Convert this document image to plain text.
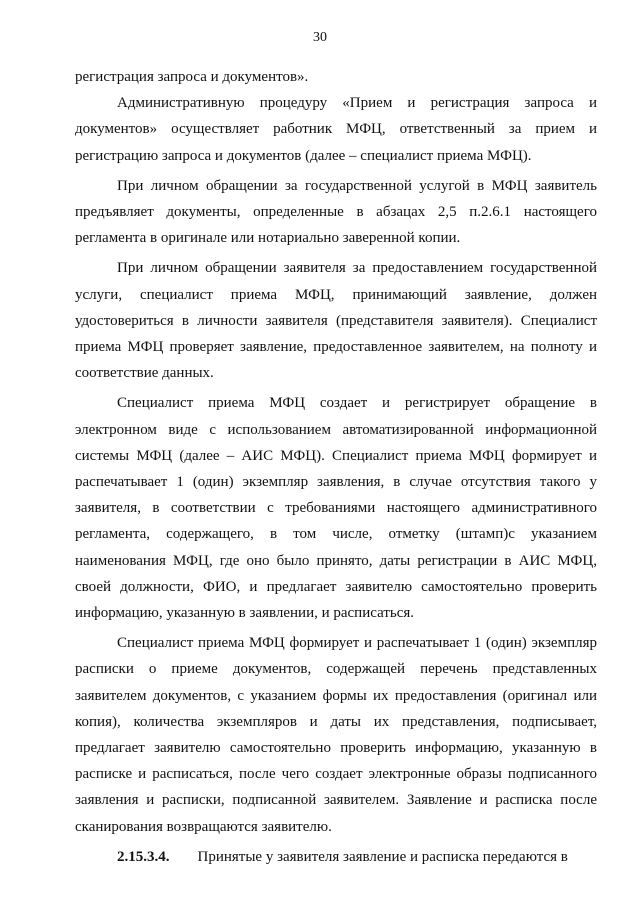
30

регистрация запроса и документов».

Административную процедуру «Прием и регистрация запроса и документов» осуществляет работник МФЦ, ответственный за прием и регистрацию запроса и документов (далее – специалист приема МФЦ).

При личном обращении за государственной услугой в МФЦ заявитель предъявляет документы, определенные в абзацах 2,5 п.2.6.1 настоящего регламента в оригинале или нотариально заверенной копии.

При личном обращении заявителя за предоставлением государственной услуги, специалист приема МФЦ, принимающий заявление, должен удостовериться в личности заявителя (представителя заявителя). Специалист приема МФЦ проверяет заявление, предоставленное заявителем, на полноту и соответствие данных.

Специалист приема МФЦ создает и регистрирует обращение в электронном виде с использованием автоматизированной информационной системы МФЦ (далее – АИС МФЦ). Специалист приема МФЦ формирует и распечатывает 1 (один) экземпляр заявления, в случае отсутствия такого у заявителя, в соответствии с требованиями настоящего административного регламента, содержащего, в том числе, отметку (штамп)с указанием наименования МФЦ, где оно было принято, даты регистрации в АИС МФЦ, своей должности, ФИО, и предлагает заявителю самостоятельно проверить информацию, указанную в заявлении, и расписаться.

Специалист приема МФЦ формирует и распечатывает 1 (один) экземпляр расписки о приеме документов, содержащей перечень представленных заявителем документов, с указанием формы их предоставления (оригинал или копия), количества экземпляров и даты их представления, подписывает, предлагает заявителю самостоятельно проверить информацию, указанную в расписке и расписаться, после чего создает электронные образы подписанного заявления и расписки, подписанной заявителем. Заявление и расписка после сканирования возвращаются заявителю.

2.15.3.4. Принятые у заявителя заявление и расписка передаются в
